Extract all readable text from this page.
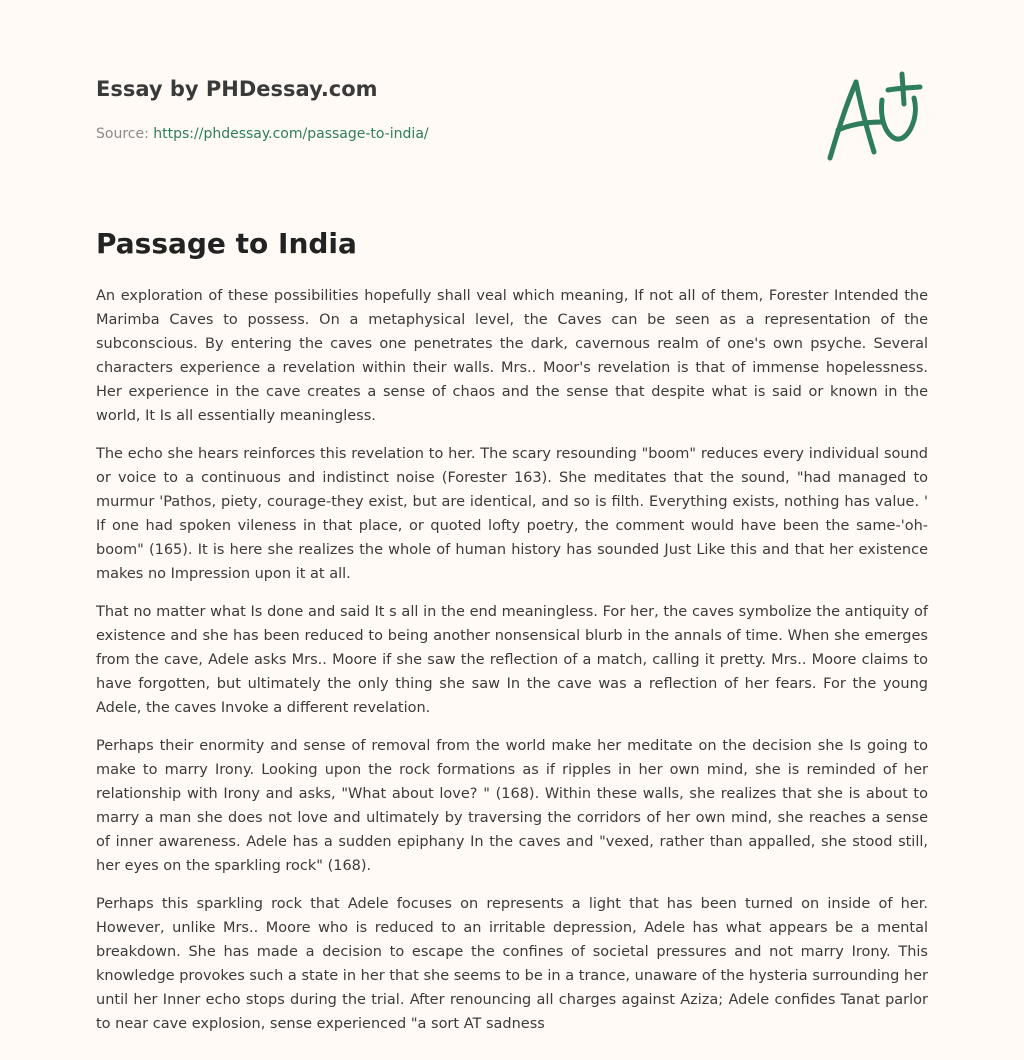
Essay by PHDessay.com
Source: https://phdessay.com/passage-to-india/
Passage to India

An exploration of these possibilities hopefully shall veal which meaning, If not all of them, Forester Intended the Marimba Caves to possess. On a metaphysical level, the Caves can be seen as a representation of the subconscious. By entering the caves one penetrates the dark, cavernous realm of one's own psyche. Several characters experience a revelation within their walls. Mrs.. Moor's revelation is that of immense hopelessness. Her experience in the cave creates a sense of chaos and the sense that despite what is said or known in the world, It Is all essentially meaningless.

The echo she hears reinforces this revelation to her. The scary resounding "boom" reduces every individual sound or voice to a continuous and indistinct noise (Forester 163). She meditates that the sound, "had managed to murmur 'Pathos, piety, courage-they exist, but are identical, and so is filth. Everything exists, nothing has value. ' If one had spoken vileness in that place, or quoted lofty poetry, the comment would have been the same-'oh-boom" (165). It is here she realizes the whole of human history has sounded Just Like this and that her existence makes no Impression upon it at all.

That no matter what Is done and said It s all in the end meaningless. For her, the caves symbolize the antiquity of existence and she has been reduced to being another nonsensical blurb in the annals of time. When she emerges from the cave, Adele asks Mrs.. Moore if she saw the reflection of a match, calling it pretty. Mrs.. Moore claims to have forgotten, but ultimately the only thing she saw In the cave was a reflection of her fears. For the young Adele, the caves Invoke a different revelation.

Perhaps their enormity and sense of removal from the world make her meditate on the decision she Is going to make to marry Irony. Looking upon the rock formations as if ripples in her own mind, she is reminded of her relationship with Irony and asks, "What about love? " (168). Within these walls, she realizes that she is about to marry a man she does not love and ultimately by traversing the corridors of her own mind, she reaches a sense of inner awareness. Adele has a sudden epiphany In the caves and "vexed, rather than appalled, she stood still, her eyes on the sparkling rock" (168).

Perhaps this sparkling rock that Adele focuses on represents a light that has been turned on inside of her. However, unlike Mrs.. Moore who is reduced to an irritable depression, Adele has what appears be a mental breakdown. She has made a decision to escape the confines of societal pressures and not marry Irony. This knowledge provokes such a state in her that she seems to be in a trance, unaware of the hysteria surrounding her until her Inner echo stops during the trial. After renouncing all charges against Aziza; Adele confides Tanat parlor to near cave explosion, sense experienced "a sort AT sadness
